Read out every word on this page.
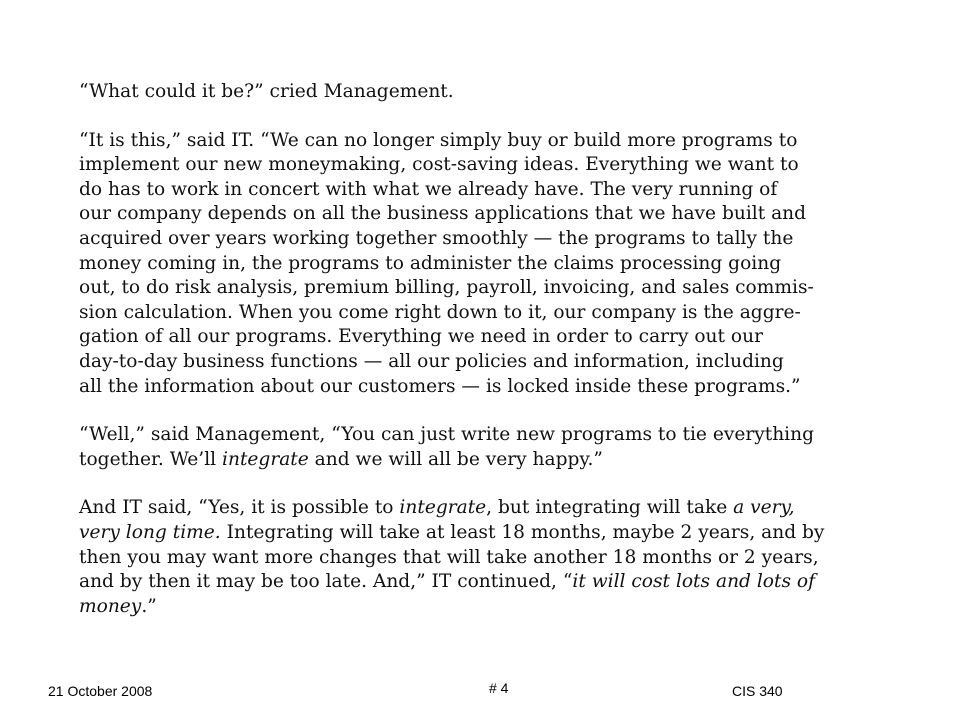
“What could it be?” cried Management.

“It is this,” said IT. “We can no longer simply buy or build more programs to
implement our new moneymaking, cost-saving ideas. Everything we want to
do has to work in concert with what we already have. The very running of
our company depends on all the business applications that we have built and
acquired over years working together smoothly — the programs to tally the
money coming in, the programs to administer the claims processing going
out, to do risk analysis, premium billing, payroll, invoicing, and sales commis-
sion calculation. When you come right down to it, our company is the aggre-
gation of all our programs. Everything we need in order to carry out our
day-to-day business functions — all our policies and information, including
all the information about our customers — is locked inside these programs.”

“Well,” said Management, “You can just write new programs to tie everything
together. We’ll integrate and we will all be very happy.”

And IT said, “Yes, it is possible to integrate, but integrating will take a very,
very long time. Integrating will take at least 18 months, maybe 2 years, and by
then you may want more changes that will take another 18 months or 2 years,
and by then it may be too late. And,” IT continued, “it will cost lots and lots of
money.”

21 October 2008	# 4	CIS 340
